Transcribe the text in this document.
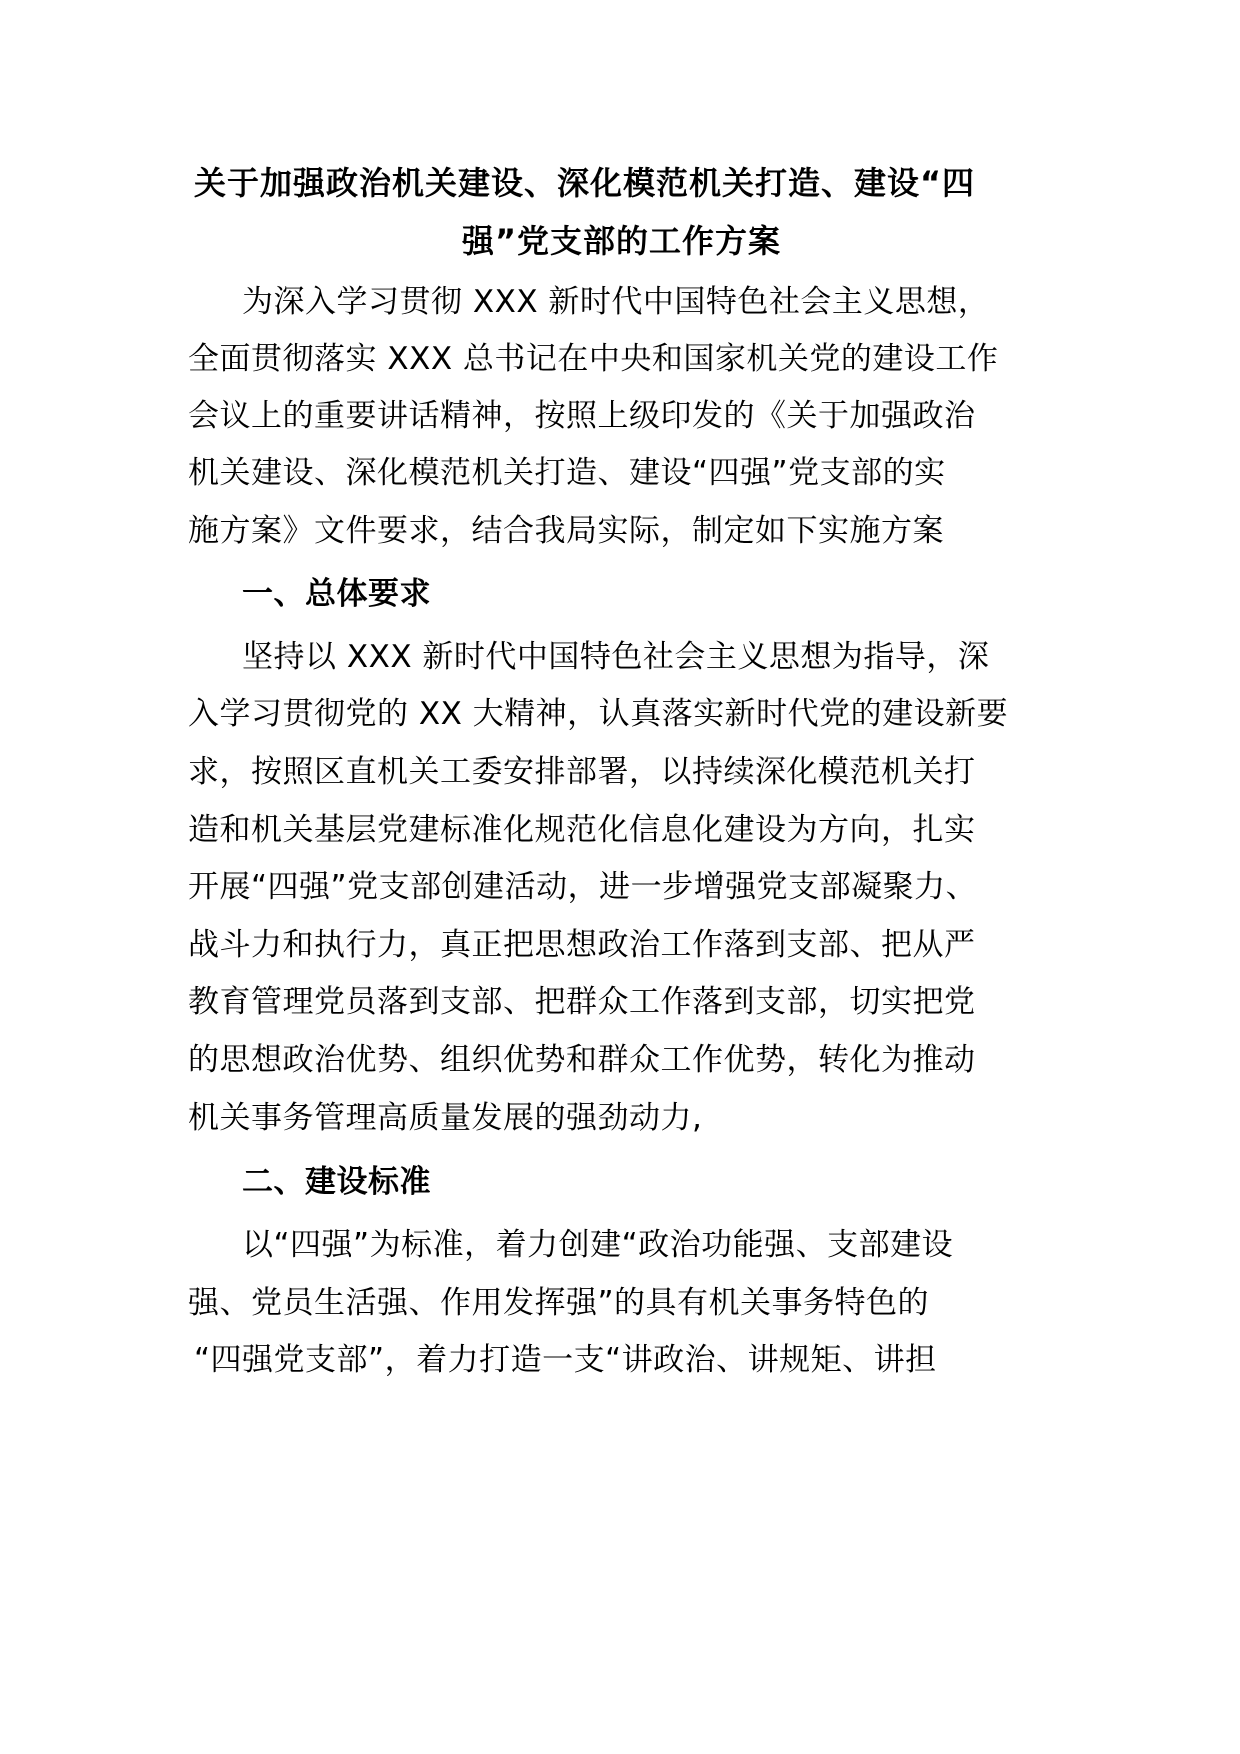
关于加强政治机关建设、深化模范机关打造、建设“四
强”党支部的工作方案
为深入学习贯彻 XXX 新时代中国特色社会主义思想，
全面贯彻落实 XXX 总书记在中央和国家机关党的建设工作
会议上的重要讲话精神，按照上级印发的《关于加强政治
机关建设、深化模范机关打造、建设“四强”党支部的实
施方案》文件要求，结合我局实际，制定如下实施方案
一、总体要求
坚持以 XXX 新时代中国特色社会主义思想为指导，深
入学习贯彻党的 XX 大精神，认真落实新时代党的建设新要
求，按照区直机关工委安排部署，以持续深化模范机关打
造和机关基层党建标准化规范化信息化建设为方向，扎实
开展“四强”党支部创建活动，进一步增强党支部凝聚力、
战斗力和执行力，真正把思想政治工作落到支部、把从严
教育管理党员落到支部、把群众工作落到支部，切实把党
的思想政治优势、组织优势和群众工作优势，转化为推动
机关事务管理高质量发展的强劲动力,
二、建设标准
以“四强”为标准，着力创建“政治功能强、支部建设
强、党员生活强、作用发挥强”的具有机关事务特色的
“四强党支部”，着力打造一支“讲政治、讲规矩、讲担
